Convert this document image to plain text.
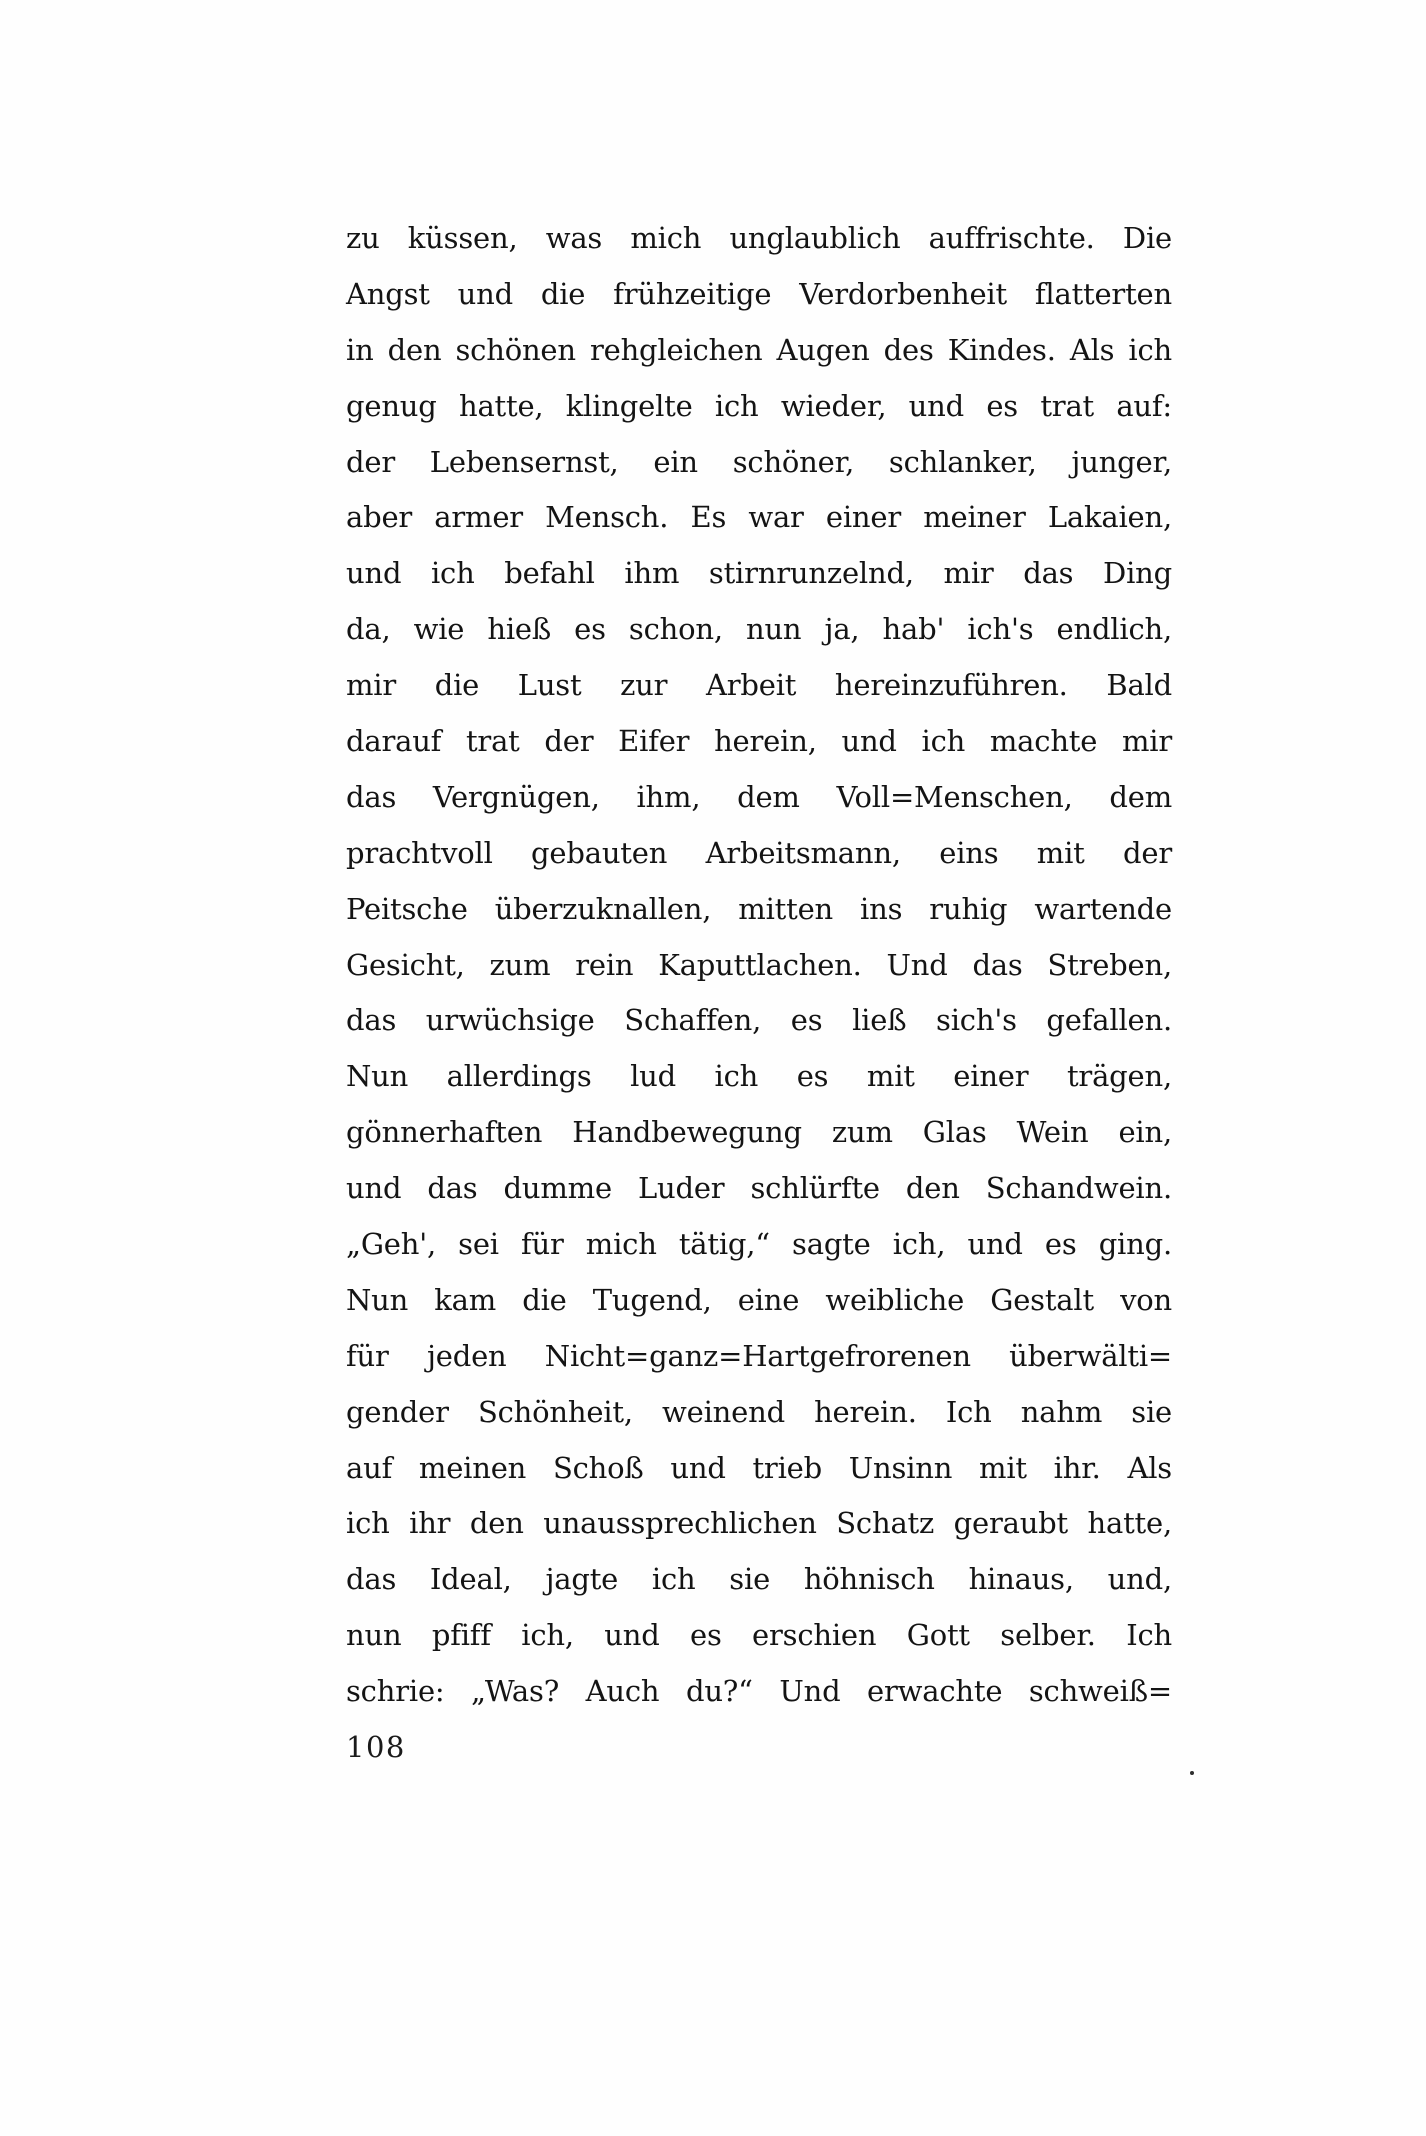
zu küssen, was mich unglaublich auffrischte. Die
Angst und die frühzeitige Verdorbenheit flatterten
in den schönen rehgleichen Augen des Kindes. Als ich
genug hatte, klingelte ich wieder, und es trat auf:
der Lebensernst, ein schöner, schlanker, junger,
aber armer Mensch. Es war einer meiner Lakaien,
und ich befahl ihm stirnrunzelnd, mir das Ding
da, wie hieß es schon, nun ja, hab' ich's endlich,
mir die Lust zur Arbeit hereinzuführen. Bald
darauf trat der Eifer herein, und ich machte mir
das Vergnügen, ihm, dem Voll=Menschen, dem
prachtvoll gebauten Arbeitsmann, eins mit der
Peitsche überzuknallen, mitten ins ruhig wartende
Gesicht, zum rein Kaputtlachen. Und das Streben,
das urwüchsige Schaffen, es ließ sich's gefallen.
Nun allerdings lud ich es mit einer trägen,
gönnerhaften Handbewegung zum Glas Wein ein,
und das dumme Luder schlürfte den Schandwein.
„Geh', sei für mich tätig,“ sagte ich, und es ging.
Nun kam die Tugend, eine weibliche Gestalt von
für jeden Nicht=ganz=Hartgefrorenen überwälti=
gender Schönheit, weinend herein. Ich nahm sie
auf meinen Schoß und trieb Unsinn mit ihr. Als
ich ihr den unaussprechlichen Schatz geraubt hatte,
das Ideal, jagte ich sie höhnisch hinaus, und,
nun pfiff ich, und es erschien Gott selber. Ich
schrie: „Was? Auch du?“ Und erwachte schweiß=
108
